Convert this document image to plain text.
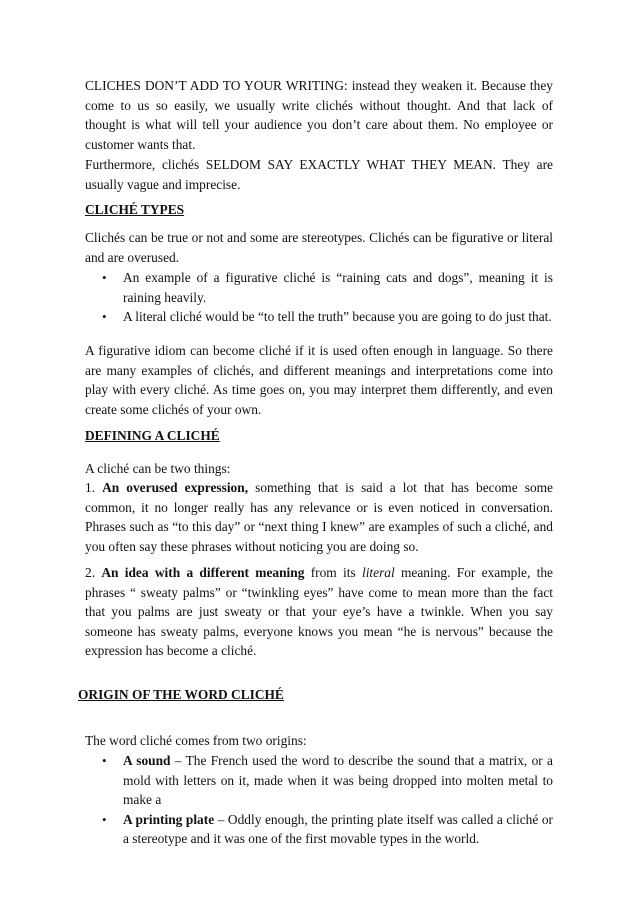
CLICHES DON’T ADD TO YOUR WRITING: instead they weaken it. Because they come to us so easily, we usually write clichés without thought. And that lack of thought is what will tell your audience you don’t care about them. No employee or customer wants that.

Furthermore, clichés SELDOM SAY EXACTLY WHAT THEY MEAN. They are usually vague and imprecise.

CLICHÉ TYPES

Clichés can be true or not and some are stereotypes. Clichés can be figurative or literal and are overused.

• An example of a figurative cliché is “raining cats and dogs”, meaning it is raining heavily.
• A literal cliché would be “to tell the truth” because you are going to do just that.

A figurative idiom can become cliché if it is used often enough in language. So there are many examples of clichés, and different meanings and interpretations come into play with every cliché. As time goes on, you may interpret them differently, and even create some clichés of your own.

DEFINING A CLICHÉ

A cliché can be two things:

1. An overused expression, something that is said a lot that has become some common, it no longer really has any relevance or is even noticed in conversation. Phrases such as “to this day” or “next thing I knew” are examples of such a cliché, and you often say these phrases without noticing you are doing so.

2. An idea with a different meaning from its literal meaning. For example, the phrases “ sweaty palms” or “twinkling eyes” have come to mean more than the fact that you palms are just sweaty or that your eye’s have a twinkle. When you say someone has sweaty palms, everyone knows you mean “he is nervous” because the expression has become a cliché.

ORIGIN OF THE WORD CLICHÉ

The word cliché comes from two origins:

• A sound – The French used the word to describe the sound that a matrix, or a mold with letters on it, made when it was being dropped into molten metal to make a
• A printing plate – Oddly enough, the printing plate itself was called a cliché or a stereotype and it was one of the first movable types in the world.
